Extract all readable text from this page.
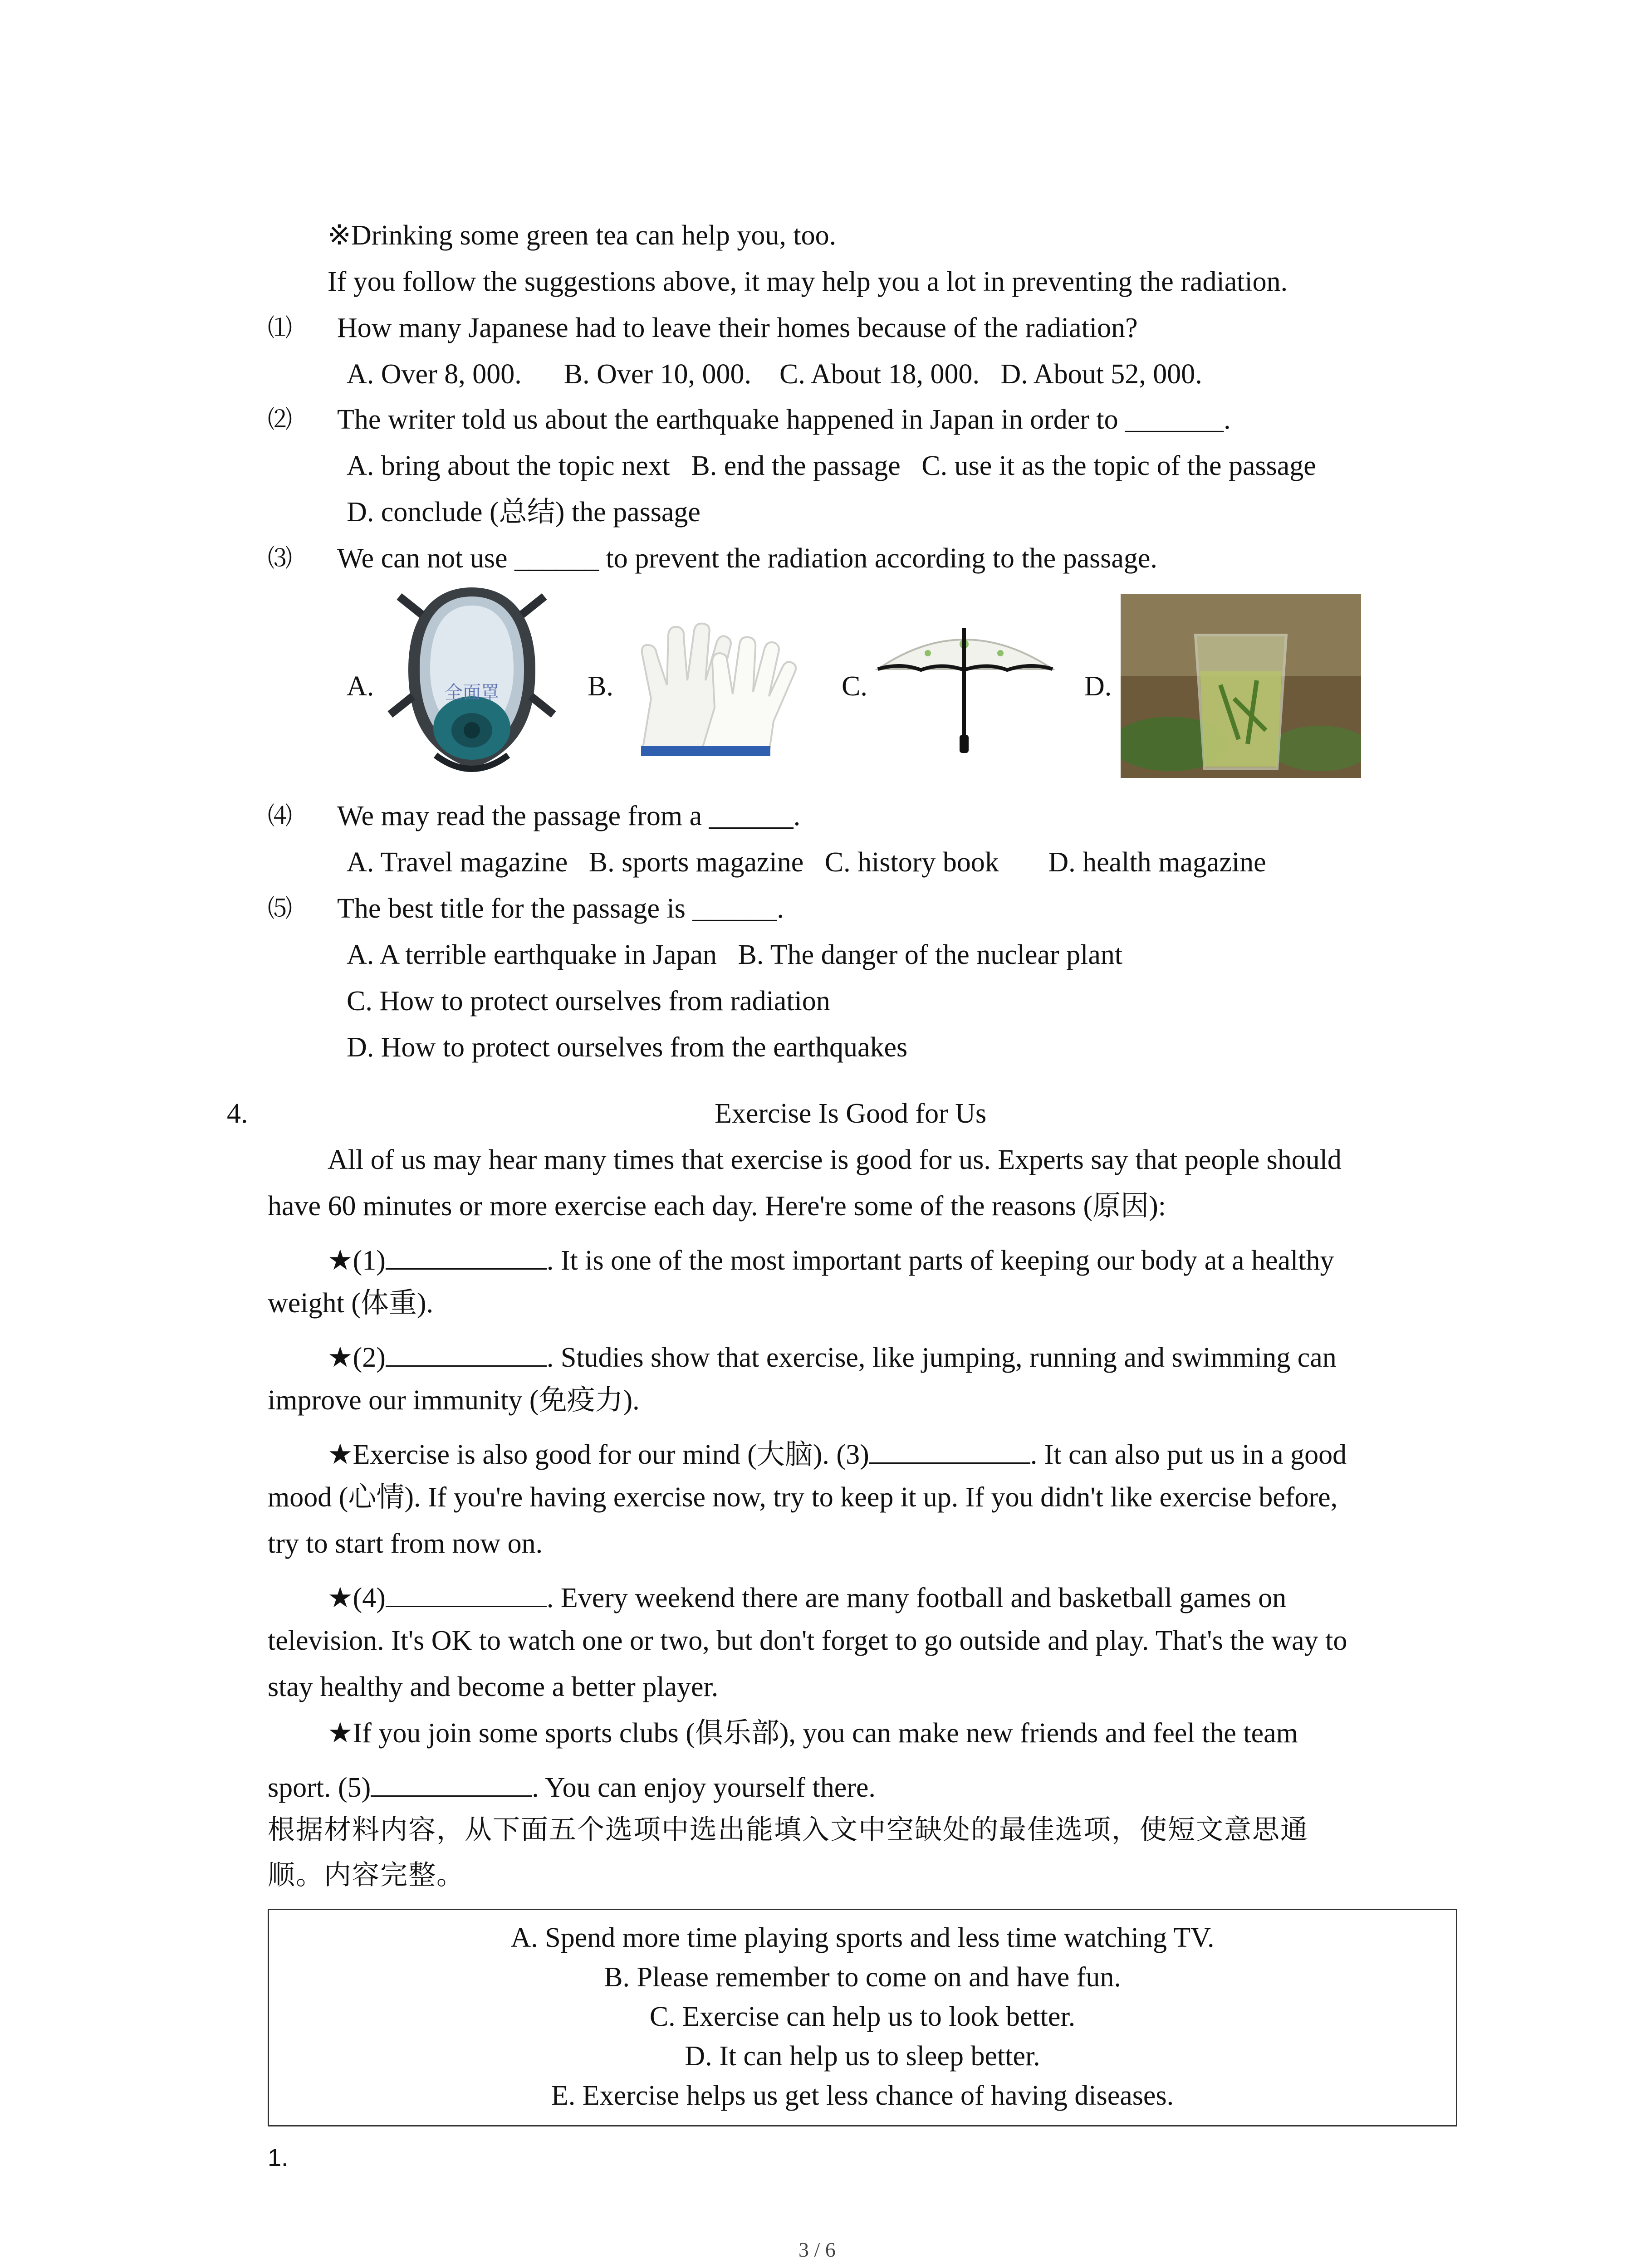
※Drinking some green tea can help you, too.
If you follow the suggestions above, it may help you a lot in preventing the radiation.
⑴ How many Japanese had to leave their homes because of the radiation?
A. Over 8, 000.      B. Over 10, 000.    C. About 18, 000.   D. About 52, 000.
⑵ The writer told us about the earthquake happened in Japan in order to _______.
A. bring about the topic next   B. end the passage   C. use it as the topic of the passage
D. conclude (总结) the passage
⑶ We can not use ______ to prevent the radiation according to the passage.
A.	全面罩	B.	C.	D.
⑷ We may read the passage from a ______.
A. Travel magazine   B. sports magazine   C. history book       D. health magazine
⑸ The best title for the passage is ______.
A. A terrible earthquake in Japan   B. The danger of the nuclear plant
C. How to protect ourselves from radiation
D. How to protect ourselves from the earthquakes
4.	Exercise Is Good for Us
All of us may hear many times that exercise is good for us. Experts say that people should
have 60 minutes or more exercise each day. Here're some of the reasons (原因):
★(1)	. It is one of the most important parts of keeping our body at a healthy
weight (体重).
★(2)	. Studies show that exercise, like jumping, running and swimming can
improve our immunity (免疫力).
★Exercise is also good for our mind (大脑). (3)	. It can also put us in a good
mood (心情). If you're having exercise now, try to keep it up. If you didn't like exercise before,
try to start from now on.
★(4)	. Every weekend there are many football and basketball games on
television. It's OK to watch one or two, but don't forget to go outside and play. That's the way to
stay healthy and become a better player.
★If you join some sports clubs (俱乐部), you can make new friends and feel the team
sport. (5)	. You can enjoy yourself there.
根据材料内容，从下面五个选项中选出能填入文中空缺处的最佳选项，使短文意思通
顺。内容完整。
A. Spend more time playing sports and less time watching TV.
B. Please remember to come on and have fun.
C. Exercise can help us to look better.
D. It can help us to sleep better.
E. Exercise helps us get less chance of having diseases.
1.
3 / 6
